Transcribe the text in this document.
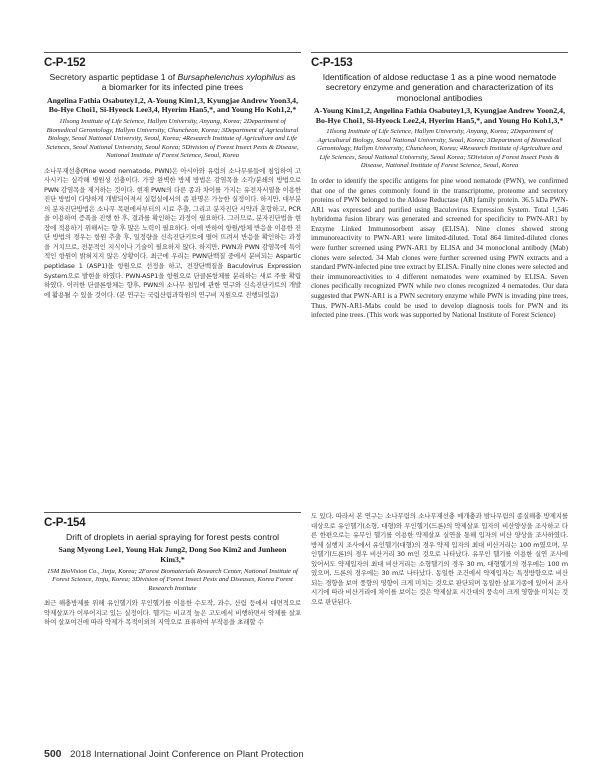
C-P-152
Secretory aspartic peptidase 1 of Bursaphelenchus xylophilus as a biomarker for its infected pine trees
Angelina Fathia Osabutey1,2, A-Young Kim1,3, Kyungjae Andrew Yoon3,4, Bo-Hye Choi1, Si-Hyeock Lee3,4, Hyerim Han5,*, and Young Ho Koh1,2,*
1Ilsong Institute of Life Science, Hallym University, Anyang, Korea; 2Department of Biomedical Gerontology, Hallym University, Chuncheon, Korea; 3Department of Agricultural Biology, Seoul National University, Seoul, Korea; 4Research Institute of Agriculture and Life Sciences, Seoul National University, Seoul Korea; 5Division of Forest Insect Pests & Disease, National Institute of Forest Science, Seoul, Korea

소나무재선충(Pine wood nematode, PWN)은 아시아와 유럽의 소나무류들에 침입하여 고사시키는 심각해 병원성 선충이다. 가장 완벽한 방제 방법은 감염목을 소각/분쇄의 방법으로 PWN 감염목을 제거하는 것이다. 현재 PWN의 다른 종과 차이를 가지는 유전자서열을 이용한 진단 방법이 다양하게 개발되어져서 실험실에서의 좀 판명은 가능한 실정이다. 하지만, 대부분의 분자진단방법은 소나무 목편에서부터의 시료 추출, 그리고 분자진단 시약과 혼합하고, PCR을 이용하여 증폭을 진행 한 후, 결과를 확인하는 과정이 필요하다. 그러므로, 분자진단법을 현장에 적용하기 위해서는 향 후 많은 노력이 필요하다. 이에 반하여 항원/항체 반응을 이용한 진단 방법의 경우는 항원 추출 후, 일정량을 신속진단키트에 떨어 뜨려서 반응을 확인하는 과정을 거치므로, 전문적인 지식이나 기술이 필요하지 않다. 하지만, PWN과 PWN 감염목에 특이적인 항원이 밝혀지지 않은 상황이다. 최근에 우리는 PWN단백질 중에서 분비되는 Aspartic peptidase 1 (ASP1)을 항원으로 선정을 하고, 전장단백질을 Baculovirus Expression System으로 발현을 하였다. PWN-ASP1을 항원으로 단클론항체를 분리하는 새로 주를 확립하였다. 이러한 단클론항체는 향후, PWN의 소나무 침입에 관한 연구와 신속진단키트의 개발에 활용될 수 있을 것이다. (본 연구는 국립산림과학원의 연구비 지원으로 진행되었음)

C-P-153
Identification of aldose reductase 1 as a pine wood nematode secretory enzyme and generation and characterization of its monoclonal antibodies
A-Young Kim1,2, Angelina Fathia Osabutey1,3, Kyungjae Andrew Yoon2,4, Bo-Hye Choi1, Si-Hyeock Lee2,4, Hyerim Han5,*, and Young Ho Koh1,3,*
1Ilsong Institute of Life Science, Hallym University, Anyang, Korea; 2Department of Agricultural Biology, Seoul National University, Seoul, Korea; 3Department of Biomedical Gerontology, Hallym University, Chuncheon, Korea; 4Research Institute of Agriculture and Life Sciences, Seoul National University, Seoul Korea; 5Division of Forest Insect Pests & Disease, National Institute of Forest Science, Seoul, Korea

In order to identify the specific antigens for pine wood nematode (PWN), we confirmed that one of the genes commonly found in the transcriptome, proteome and secretory proteins of PWN belonged to the Aldose Reductase (AR) family protein. 36.5 kDa PWN-AR1 was expressed and purified using Baculovirus Expression System. Total 1,546 hybridoma fusion library was generated and screened for specificity to PWN-AR1 by Enzyme Linked Immunosorbent assay (ELISA). Nine clones showed strong immunoreactivity to PWN-AR1 were limited-diluted. Total 864 limited-diluted clones were further screened using PWN-AR1 by ELISA and 34 monoclonal antibody (Mab) clones were selected. 34 Mab clones were further screened using PWN extracts and a standard PWN-infected pine tree extract by ELISA. Finally nine clones were selected and their immunoreactivities to 4 different nematodes were examined by ELISA. Seven clones pecifically recognized PWN while two clones recognized 4 nematodes. Our data suggested that PWN-AR1 is a PWN secretory enzyme while PWN is invading pine trees, Thus, PWN-AR1-Mabs could be used to develop diagnosis tools for PWN and its infected pine trees. (This work was supported by National Institute of Forest Science)

C-P-154
Drift of droplets in aerial spraying for forest pests control
Sang Myeong Lee1, Young Hak Jung2, Dong Soo Kim2 and Junheon Kim3,*
1SM BioVision Co., Jinju, Korea; 2Forest Biomaterials Research Center, National Institute of Forest Science, Jinju, Korea; 3Division of Forest Insect Pests and Diseases, Korea Forest Research Institute

최근 해충방제를 위해 유인헬기와 무인헬기를 이용한 수도작, 과수, 산림 등에서 대면적으로 약제살포가 이루어지고 있는 실정이다. 헬기는 비교적 높은 고도에서 비행하면서 약제를 살포하여 살포여건에 따라 약제가 목적이외의 지역으로 표류하여 부작용을 초래할 수

도 있다. 따라서 본 연구는 소나무림의 소나무재선충 매개충과 밤나무림의 종실해충 방제지를 대상으로 유인헬기(소형, 대형)와 무인헬기(드론)의 약제살포 입자의 비산양상을 조사하고 다른 한편으로는 유무인 헬기를 이용한 약제살포 실연을 통해 입자의 비산 양상을 조사하였다. 방제 실행지 조사에서 유인헬기(대형)의 경우 약제 입자의 최대 비산거리는 100 m였으며, 무인헬기(드론)의 경우 비산거리 30 m인 것으로 나타났다. 유무인 헬기를 이용한 실연 조사에 있어서도 약제입자의 최대 비산거리는 소형헬기의 경우 30 m, 대형헬기의 경우에는 100 m였으며, 드론의 경우에는 30 m로 나타났다. 동일한 조건에서 약제입자는 특정방향으로 비산되는 경향을 보여 풍향의 영향이 크게 미치는 것으로 판단되며 동일한 살포기종에 있어서 조사 시기에 따라 비산거리에 차이를 보이는 것은 약제살포 시간대의 풍속이 크게 영향을 미치는 것으로 판단된다.

500 2018 International Joint Conference on Plant Protection
